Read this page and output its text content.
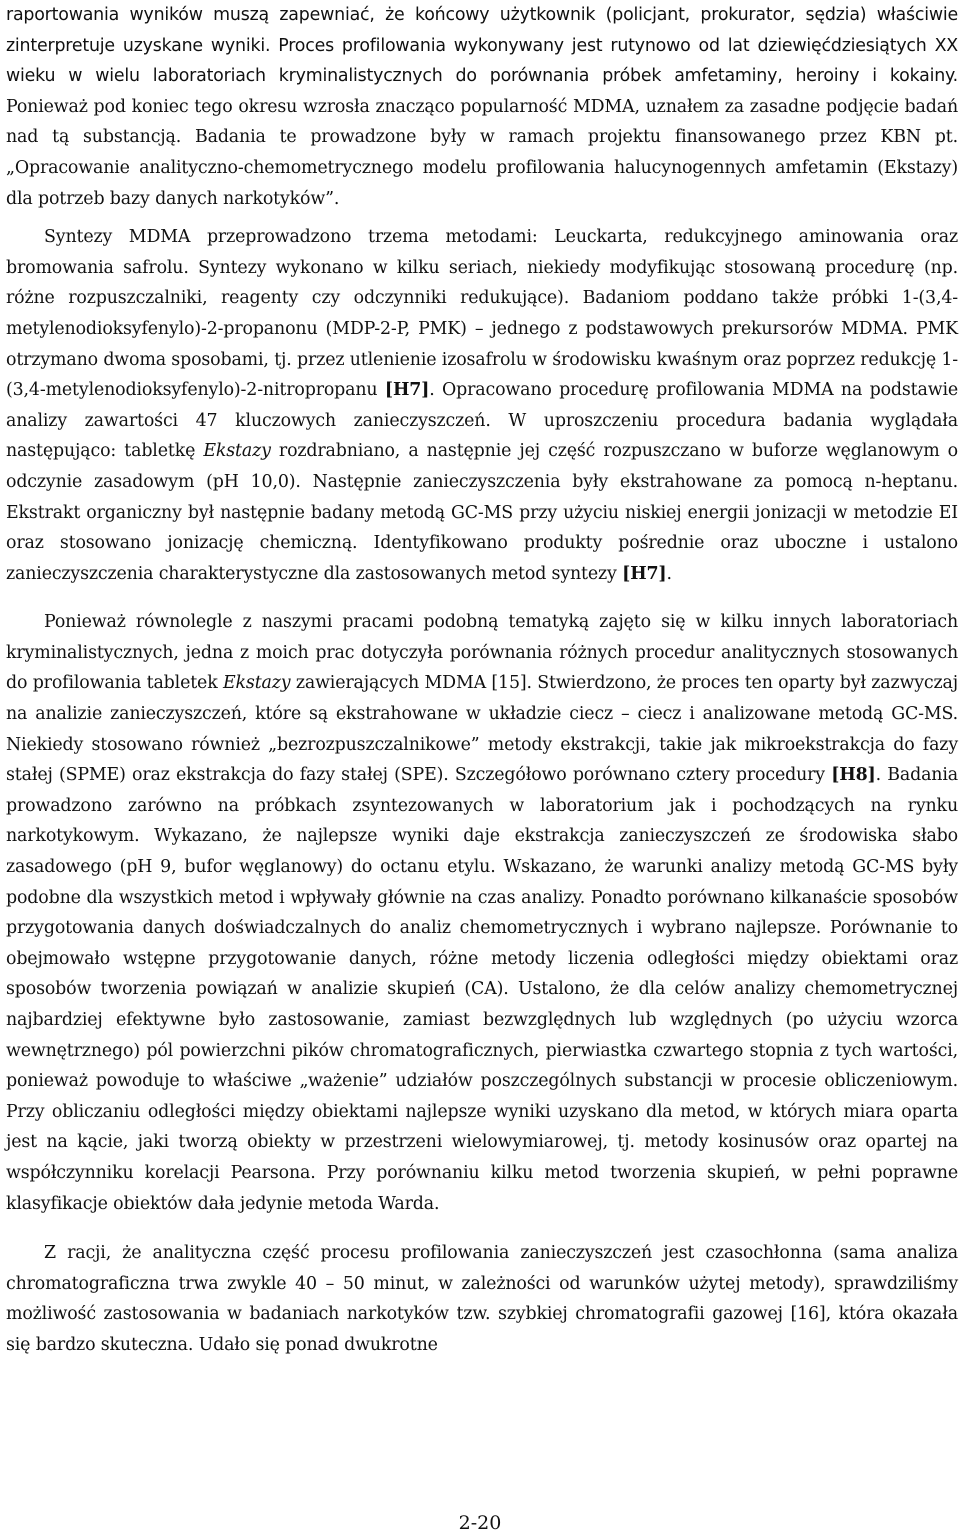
raportowania wyników muszą zapewniać, że końcowy użytkownik (policjant, prokurator, sędzia) właściwie zinterpretuje uzyskane wyniki. Proces profilowania wykonywany jest rutynowo od lat dziewięćdziesiątych XX wieku w wielu laboratoriach kryminalistycznych do porównania próbek amfetaminy, heroiny i kokainy. Ponieważ pod koniec tego okresu wzrosła znacząco popularność MDMA, uznałem za zasadne podjęcie badań nad tą substancją. Badania te prowadzone były w ramach projektu finansowanego przez KBN pt. „Opracowanie analityczno-chemometrycznego modelu profilowania halucynogennych amfetamin (Ekstazy) dla potrzeb bazy danych narkotyków”.

Syntezy MDMA przeprowadzono trzema metodami: Leuckarta, redukcyjnego aminowania oraz bromowania safrolu. Syntezy wykonano w kilku seriach, niekiedy modyfikując stosowaną procedurę (np. różne rozpuszczalniki, reagenty czy odczynniki redukujące). Badaniom poddano także próbki 1-(3,4-metylenodioksyfenylo)-2-propanonu (MDP-2-P, PMK) – jednego z podstawowych prekursorów MDMA. PMK otrzymano dwoma sposobami, tj. przez utlenienie izosafrolu w środowisku kwaśnym oraz poprzez redukcję 1-(3,4-metylenodioksyfenylo)-2-nitropropanu [H7]. Opracowano procedurę profilowania MDMA na podstawie analizy zawartości 47 kluczowych zanieczyszczeń. W uproszczeniu procedura badania wyglądała następująco: tabletkę Ekstazy rozdrabniano, a następnie jej część rozpuszczano w buforze węglanowym o odczynie zasadowym (pH 10,0). Następnie zanieczyszczenia były ekstrahowane za pomocą n-heptanu. Ekstrakt organiczny był następnie badany metodą GC-MS przy użyciu niskiej energii jonizacji w metodzie EI oraz stosowano jonizację chemiczną. Identyfikowano produkty pośrednie oraz uboczne i ustalono zanieczyszczenia charakterystyczne dla zastosowanych metod syntezy [H7].

Ponieważ równolegle z naszymi pracami podobną tematyką zajęto się w kilku innych laboratoriach kryminalistycznych, jedna z moich prac dotyczyła porównania różnych procedur analitycznych stosowanych do profilowania tabletek Ekstazy zawierających MDMA [15]. Stwierdzono, że proces ten oparty był zazwyczaj na analizie zanieczyszczeń, które są ekstrahowane w układzie ciecz – ciecz i analizowane metodą GC-MS. Niekiedy stosowano również „bezrozpuszczalnikowe” metody ekstrakcji, takie jak mikroekstrakcja do fazy stałej (SPME) oraz ekstrakcja do fazy stałej (SPE). Szczegółowo porównano cztery procedury [H8]. Badania prowadzono zarówno na próbkach zsyntezowanych w laboratorium jak i pochodzących na rynku narkotykowym. Wykazano, że najlepsze wyniki daje ekstrakcja zanieczyszczeń ze środowiska słabo zasadowego (pH 9, bufor węglanowy) do octanu etylu. Wskazano, że warunki analizy metodą GC-MS były podobne dla wszystkich metod i wpływały głównie na czas analizy. Ponadto porównano kilkanaście sposobów przygotowania danych doświadczalnych do analiz chemometrycznych i wybrano najlepsze. Porównanie to obejmowało wstępne przygotowanie danych, różne metody liczenia odległości między obiektami oraz sposobów tworzenia powiązań w analizie skupień (CA). Ustalono, że dla celów analizy chemometrycznej najbardziej efektywne było zastosowanie, zamiast bezwzględnych lub względnych (po użyciu wzorca wewnętrznego) pól powierzchni pików chromatograficznych, pierwiastka czwartego stopnia z tych wartości, ponieważ powoduje to właściwe „ważenie” udziałów poszczególnych substancji w procesie obliczeniowym. Przy obliczaniu odległości między obiektami najlepsze wyniki uzyskano dla metod, w których miara oparta jest na kącie, jaki tworzą obiekty w przestrzeni wielowymiarowej, tj. metody kosinusów oraz opartej na współczynniku korelacji Pearsona. Przy porównaniu kilku metod tworzenia skupień, w pełni poprawne klasyfikacje obiektów dała jedynie metoda Warda.

Z racji, że analityczna część procesu profilowania zanieczyszczeń jest czasochłonna (sama analiza chromatograficzna trwa zwykle 40 – 50 minut, w zależności od warunków użytej metody), sprawdziliśmy możliwość zastosowania w badaniach narkotyków tzw. szybkiej chromatografii gazowej [16], która okazała się bardzo skuteczna. Udało się ponad dwukrotne

2-20
